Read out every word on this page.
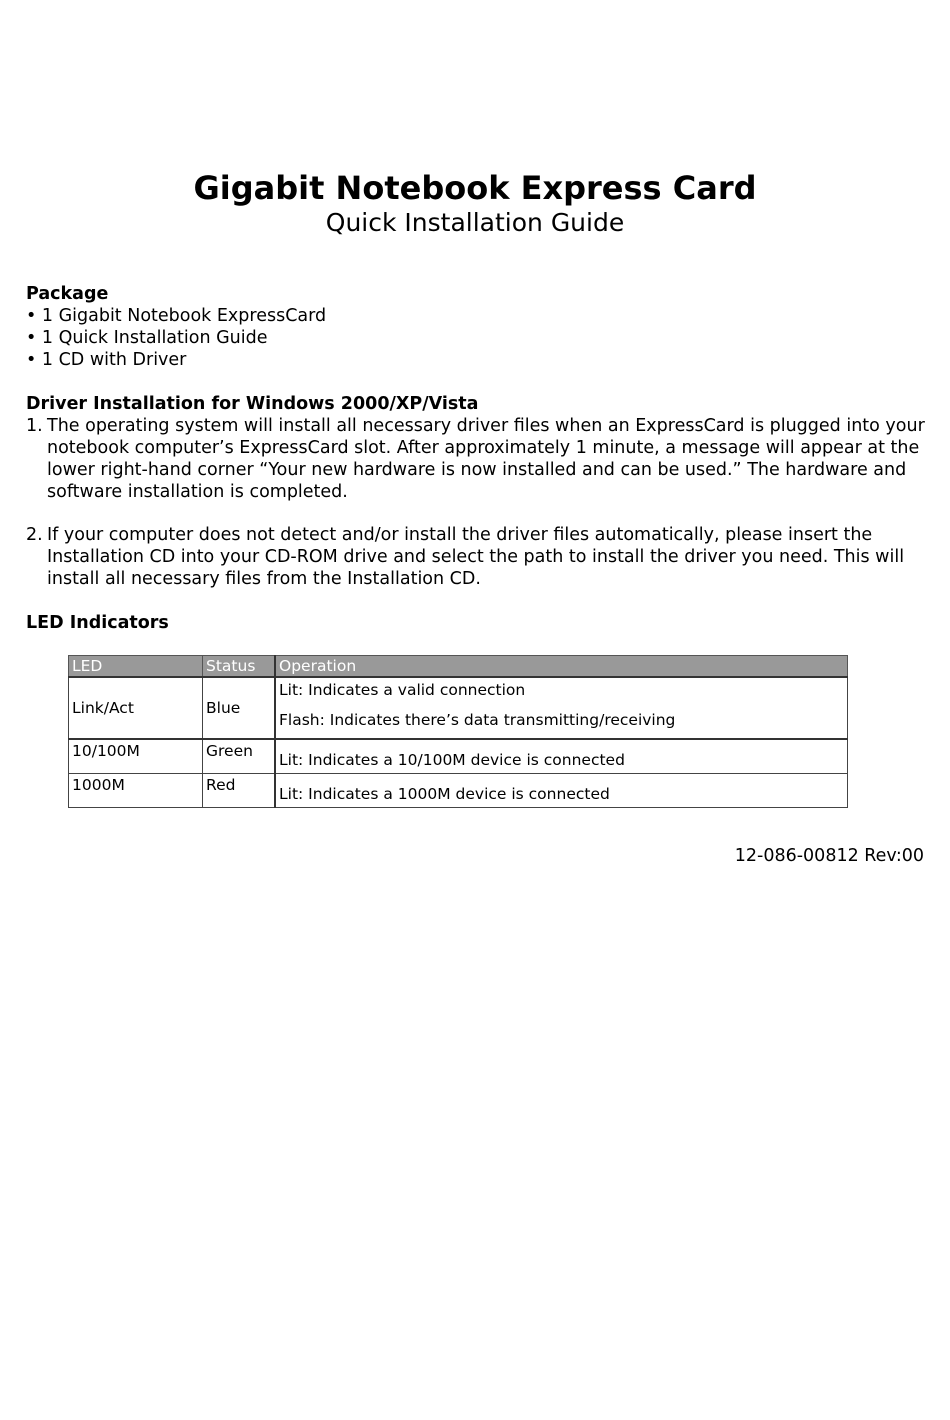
Gigabit Notebook Express Card
Quick Installation Guide
Package
• 1 Gigabit Notebook ExpressCard
• 1 Quick Installation Guide
• 1 CD with Driver
Driver Installation for Windows 2000/XP/Vista
1. The operating system will install all necessary driver files when an ExpressCard is plugged into your notebook computer’s ExpressCard slot. After approximately 1 minute, a message will appear at the lower right-hand corner “Your new hardware is now installed and can be used.” The hardware and software installation is completed.
2. If your computer does not detect and/or install the driver files automatically, please insert the Installation CD into your CD-ROM drive and select the path to install the driver you need. This will install all necessary files from the Installation CD.
LED Indicators
LED	Status	Operation
Link/Act	Blue	Lit: Indicates a valid connection
Flash: Indicates there’s data transmitting/receiving

10/100M	Green	Lit: Indicates a 10/100M device is connected
1000M	Red	Lit: Indicates a 1000M device is connected
12-086-00812 Rev:00
